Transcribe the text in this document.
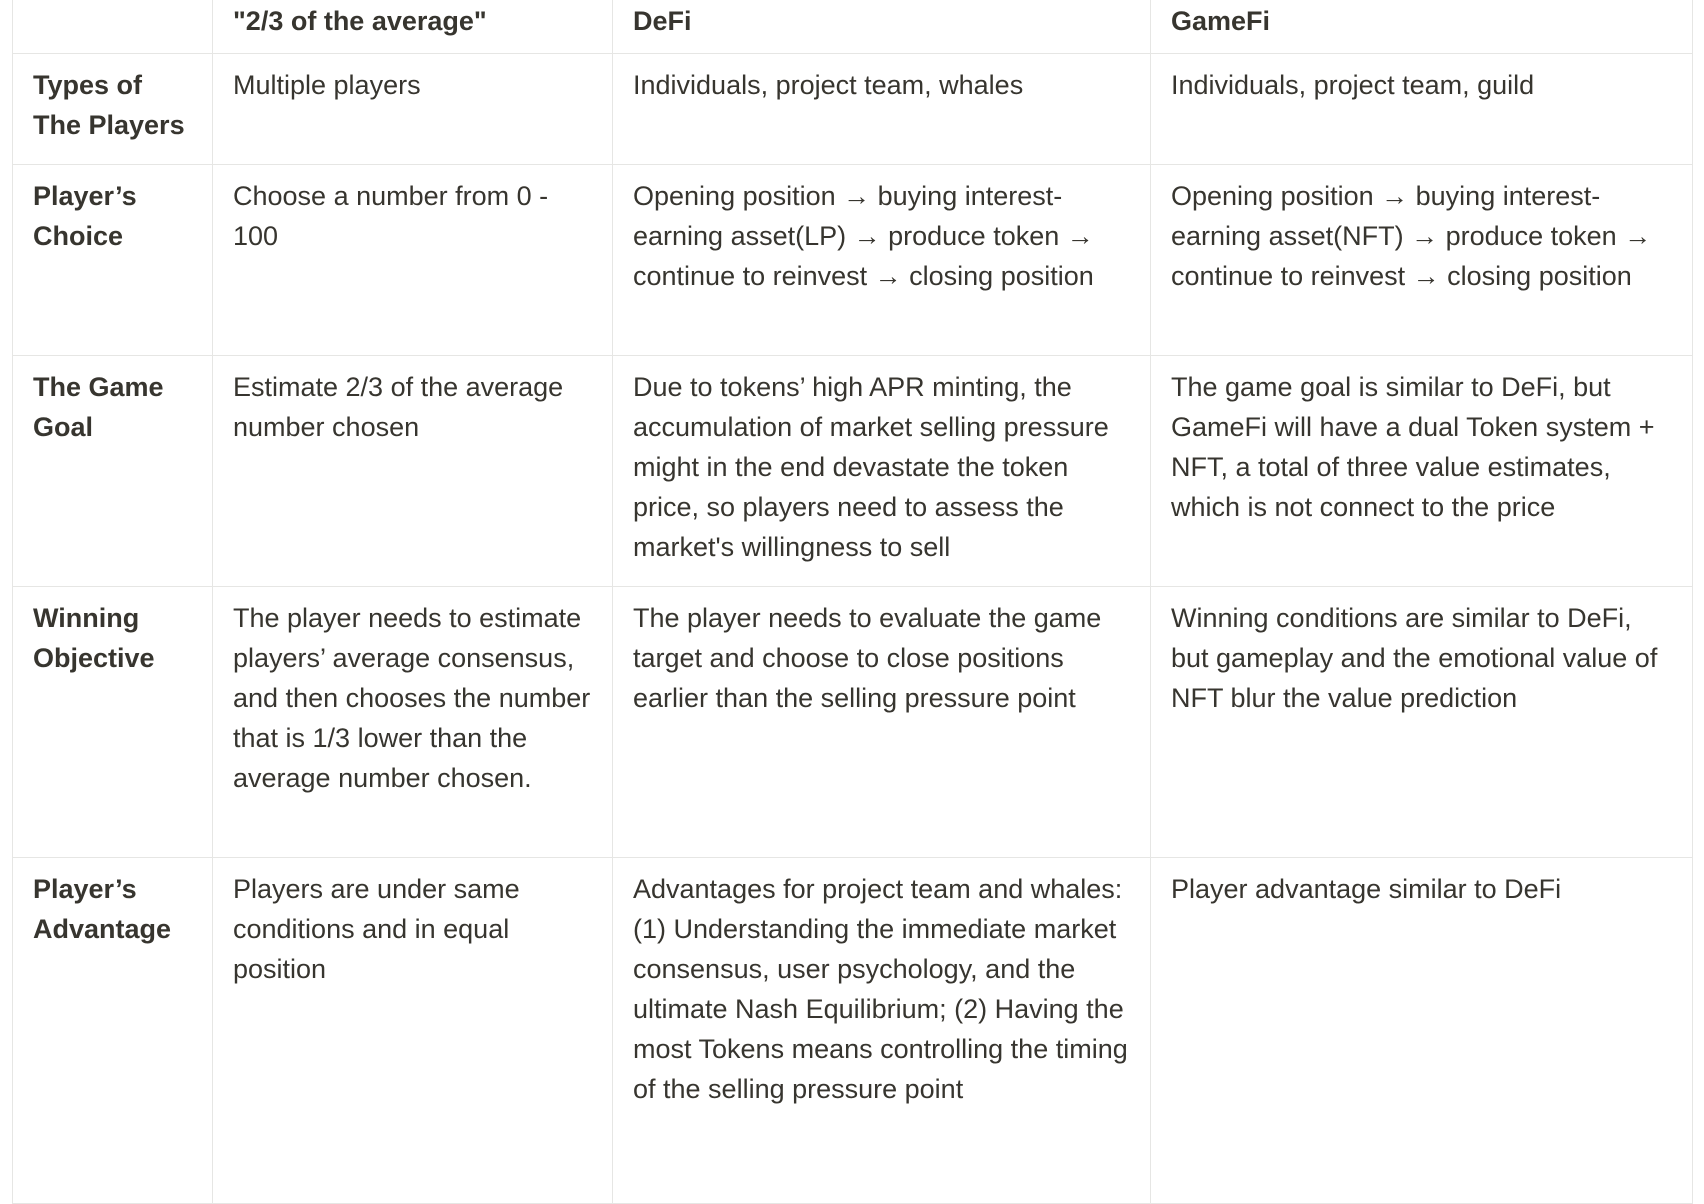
	"2/3 of the average"	DeFi	GameFi
Types of The Players	Multiple players	Individuals, project team, whales	Individuals, project team, guild
Player’s Choice	Choose a number from 0 - 100	Opening position → buying interest-earning asset(LP) → produce token → continue to reinvest → closing position	Opening position → buying interest-earning asset(NFT) → produce token → continue to reinvest → closing position
The Game Goal	Estimate 2/3 of the average number chosen	Due to tokens’ high APR minting, the accumulation of market selling pressure might in the end devastate the token price, so players need to assess the market's willingness to sell	The game goal is similar to DeFi, but GameFi will have a dual Token system + NFT, a total of three value estimates, which is not connect to the price
Winning Objective	The player needs to estimate players’ average consensus, and then chooses the number that is 1/3 lower than the average number chosen.	The player needs to evaluate the game target and choose to close positions earlier than the selling pressure point	Winning conditions are similar to DeFi, but gameplay and the emotional value of NFT blur the value prediction
Player’s Advantage	Players are under same conditions and in equal position	Advantages for project team and whales: (1) Understanding the immediate market consensus, user psychology, and the ultimate Nash Equilibrium; (2) Having the most Tokens means controlling the timing of the selling pressure point	Player advantage similar to DeFi
